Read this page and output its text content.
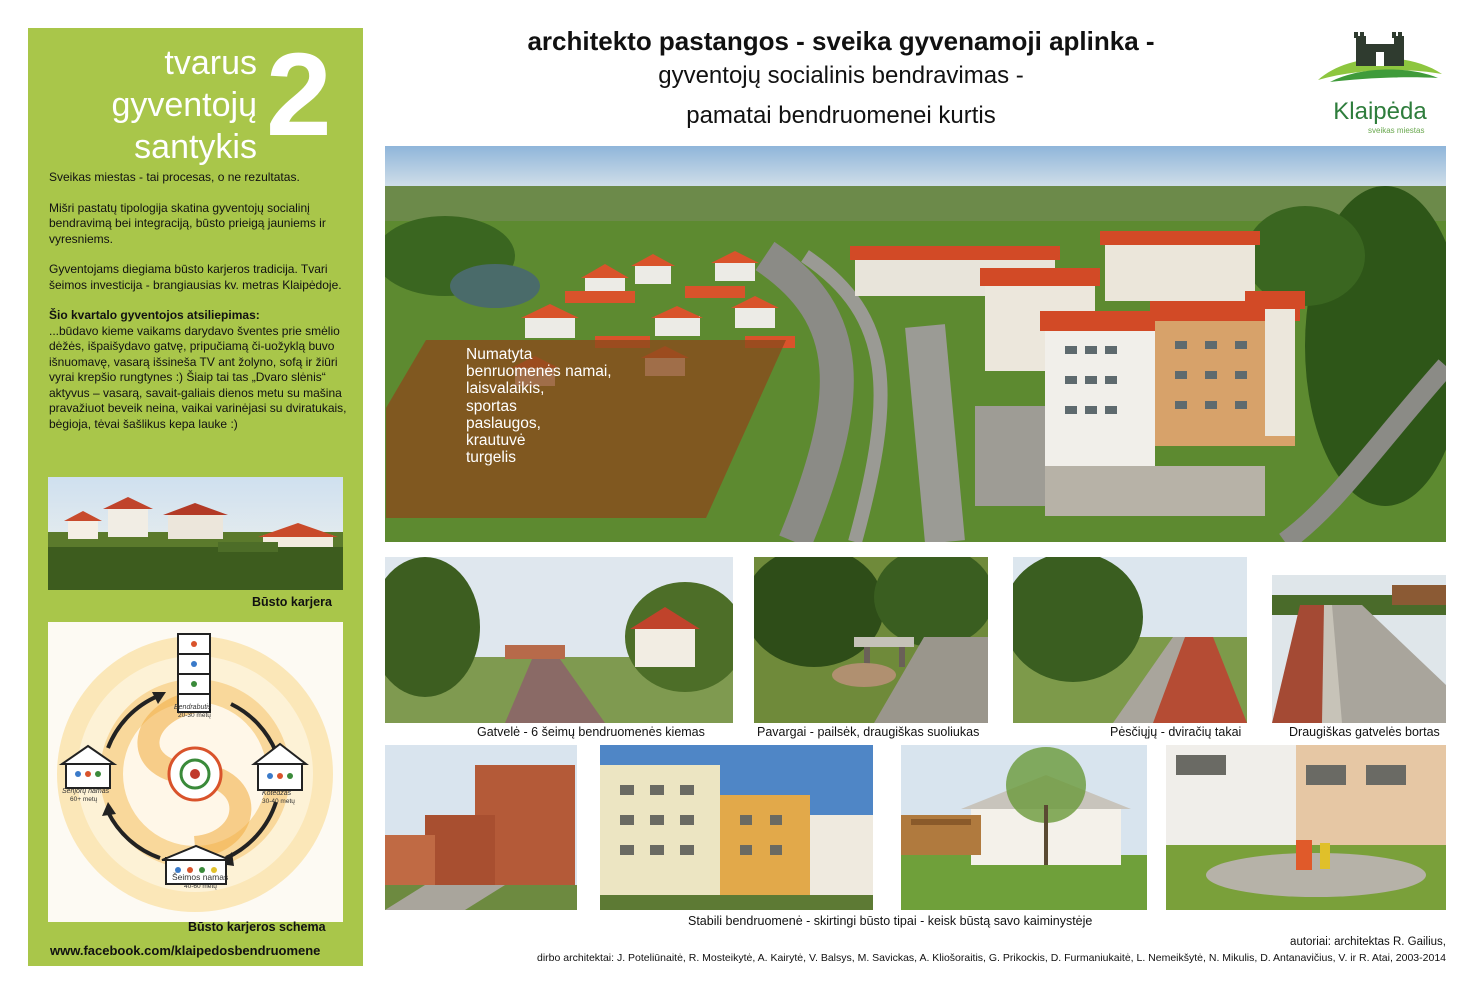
tvarus
gyventojų
santykis 2

Sveikas miestas - tai procesas, o ne rezultatas.

Mišri pastatų tipologija skatina gyventojų socialinį bendravimą bei integraciją, būsto prieigą jauniems ir vyresniems.

Gyventojams diegiama būsto karjeros tradicija. Tvari šeimos investicija - brangiausias kv. metras Klaipėdoje.

Šio kvartalo gyventojos atsiliepimas:
...būdavo kieme vaikams darydavo šventes prie smėlio dėžės, išpaišydavo gatvę, pripučiamą či-uožyklą buvo išnuomavę, vasarą išsineša TV ant žolyno, sofą ir žiūri vyrai krepšio rungtynes :) Šiaip tai tas „Dvaro slėnis“ aktyvus – vasarą, savait-galiais dienos metu su mašina pravažiuot beveik neina, vaikai varinėjasi su dviratukais, bėgioja, tėvai šašlikus kepa lauke :)
Būsto karjera
Bendrabutis
20-30 metų
Kotedžas
30-40 metų
Šeimos namas
40-60 metų
Senjorų namas
60+ metų
Būsto karjeros schema
www.facebook.com/klaipedosbendruomene
architekto pastangos - sveika gyvenamoji aplinka -
gyventojų socialinis bendravimas -
pamatai bendruomenei kurtis	Klaipėda
sveikas miestas
Numatyta
benruomenės namai,
laisvalaikis,
sportas
paslaugos,
krautuvė
turgelis
Gatvelė - 6 šeimų bendruomenės kiemas	Pavargai - pailsėk, draugiškas suoliukas	Pėsčiųjų - dviračių takai	Draugiškas gatvelės bortas
Stabili bendruomenė - skirtingi būsto tipai - keisk būstą savo kaiminystėje
autoriai: architektas R. Gailius,
dirbo architektai: J. Poteliūnaitė, R. Mosteikytė, A. Kairytė, V. Balsys, M. Savickas, A. Kliošoraitis, G. Prikockis, D. Furmaniukaitė, L. Nemeikšytė, N. Mikulis, D. Antanavičius, V. ir R. Atai, 2003-2014
